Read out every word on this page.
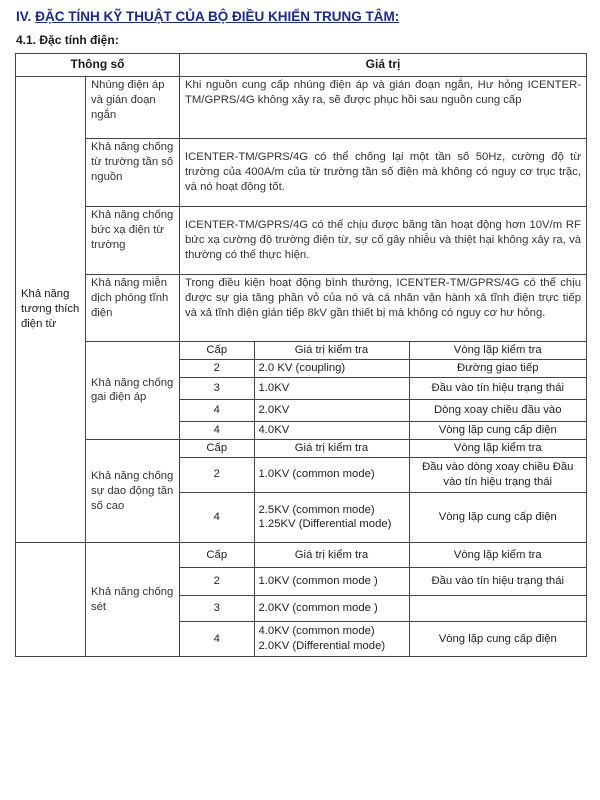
IV. ĐẶC TÍNH KỸ THUẬT CỦA BỘ ĐIỀU KHIỂN TRUNG TÂM:
4.1. Đặc tính điện:
Thông số	Giá trị
Khả năng tương thích điện từ	Nhúng điện áp và gián đoạn ngắn	Khi nguồn cung cấp nhúng điện áp và gián đoạn ngắn, Hư hỏng ICENTER-TM/GPRS/4G không xảy ra, sẽ được phục hồi sau nguồn cung cấp
Khả năng chống từ trường tần số nguồn	ICENTER-TM/GPRS/4G có thể chống lại một tần số 50Hz, cường độ từ trường của 400A/m của từ trường tần số điện mà không có nguy cơ trục trặc, và nó hoạt động tốt.
Khả năng chống bức xạ điện từ trường	ICENTER-TM/GPRS/4G có thể chịu được băng tần hoạt động hơn 10V/m RF bức xạ cường độ trường điện từ, sự cố gây nhiễu và thiệt hại không xảy ra, và thường có thể thực hiện.
Khả năng miễn dịch phóng tĩnh điện	Trong điều kiện hoạt động bình thường, ICENTER-TM/GPRS/4G có thể chịu được sự gia tăng phần vỏ của nó và cá nhân vận hành xả tĩnh điện trực tiếp và xả tĩnh điện gián tiếp 8kV gần thiết bị mà không có nguy cơ hư hỏng.
Khả năng chống gai điện áp	
Cấp	Giá trị kiểm tra	Vòng lặp kiểm tra
2	2.0 KV (coupling)	Đường giao tiếp
3	1.0KV	Đầu vào tín hiệu trạng thái
4	2.0KV	Dòng xoay chiều đầu vào
4	4.0KV	Vòng lặp cung cấp điện

Khả năng chống sự dao động tần số cao	
Cấp	Giá trị kiểm tra	Vòng lặp kiểm tra
2	1.0KV (common mode)	Đầu vào dòng xoay chiều Đầu vào tín hiệu trạng thái
4	2.5KV (common mode) 1.25KV (Differential mode)	Vòng lặp cung cấp điện

	Khả năng chống sét	
Cấp	Giá trị kiểm tra	Vòng lặp kiểm tra
2	1.0KV (common mode )	Đầu vào tín hiệu trạng thái
3	2.0KV (common mode )	
4	4.0KV (common mode) 2.0KV (Differential mode)	Vòng lặp cung cấp điện
